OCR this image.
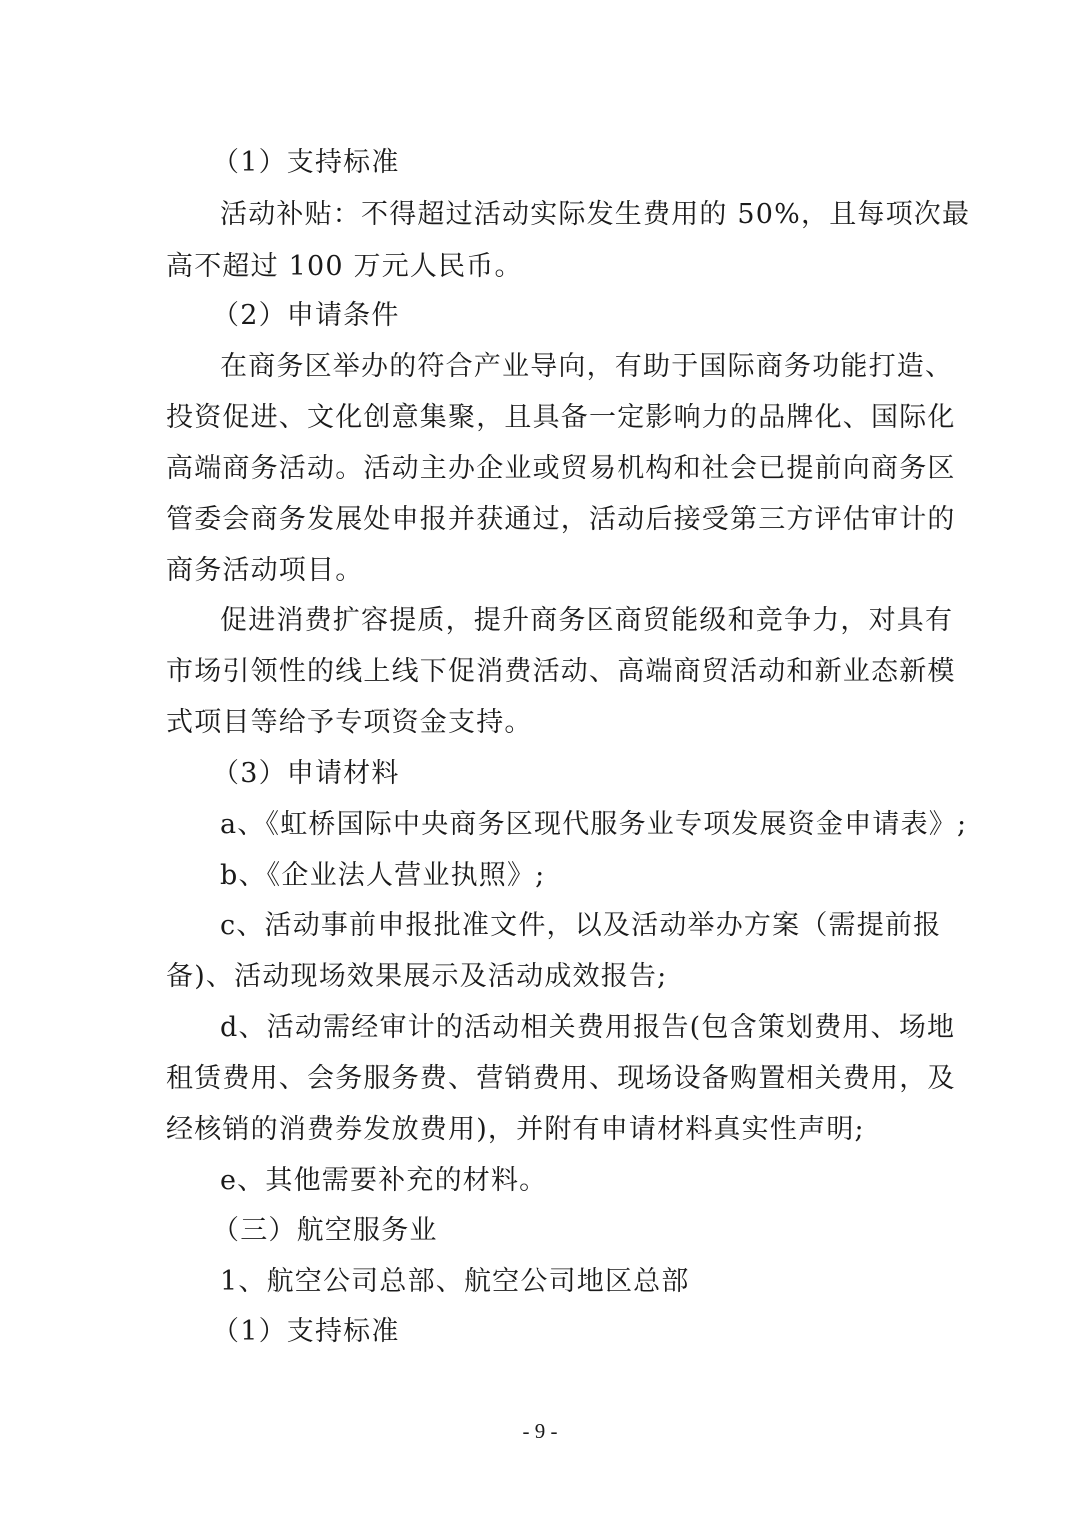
（1）支持标准
活动补贴：不得超过活动实际发生费用的 50%，且每项次最
高不超过 100 万元人民币。
（2）申请条件
在商务区举办的符合产业导向，有助于国际商务功能打造、
投资促进、文化创意集聚，且具备一定影响力的品牌化、国际化
高端商务活动。活动主办企业或贸易机构和社会已提前向商务区
管委会商务发展处申报并获通过，活动后接受第三方评估审计的
商务活动项目。
促进消费扩容提质，提升商务区商贸能级和竞争力，对具有
市场引领性的线上线下促消费活动、高端商贸活动和新业态新模
式项目等给予专项资金支持。
（3）申请材料
a、《虹桥国际中央商务区现代服务业专项发展资金申请表》;
b、《企业法人营业执照》;
c、活动事前申报批准文件，以及活动举办方案（需提前报
备)、活动现场效果展示及活动成效报告;
d、活动需经审计的活动相关费用报告(包含策划费用、场地
租赁费用、会务服务费、营销费用、现场设备购置相关费用，及
经核销的消费券发放费用)，并附有申请材料真实性声明;
e、其他需要补充的材料。
（三）航空服务业
1、航空公司总部、航空公司地区总部
（1）支持标准
- 9 -
